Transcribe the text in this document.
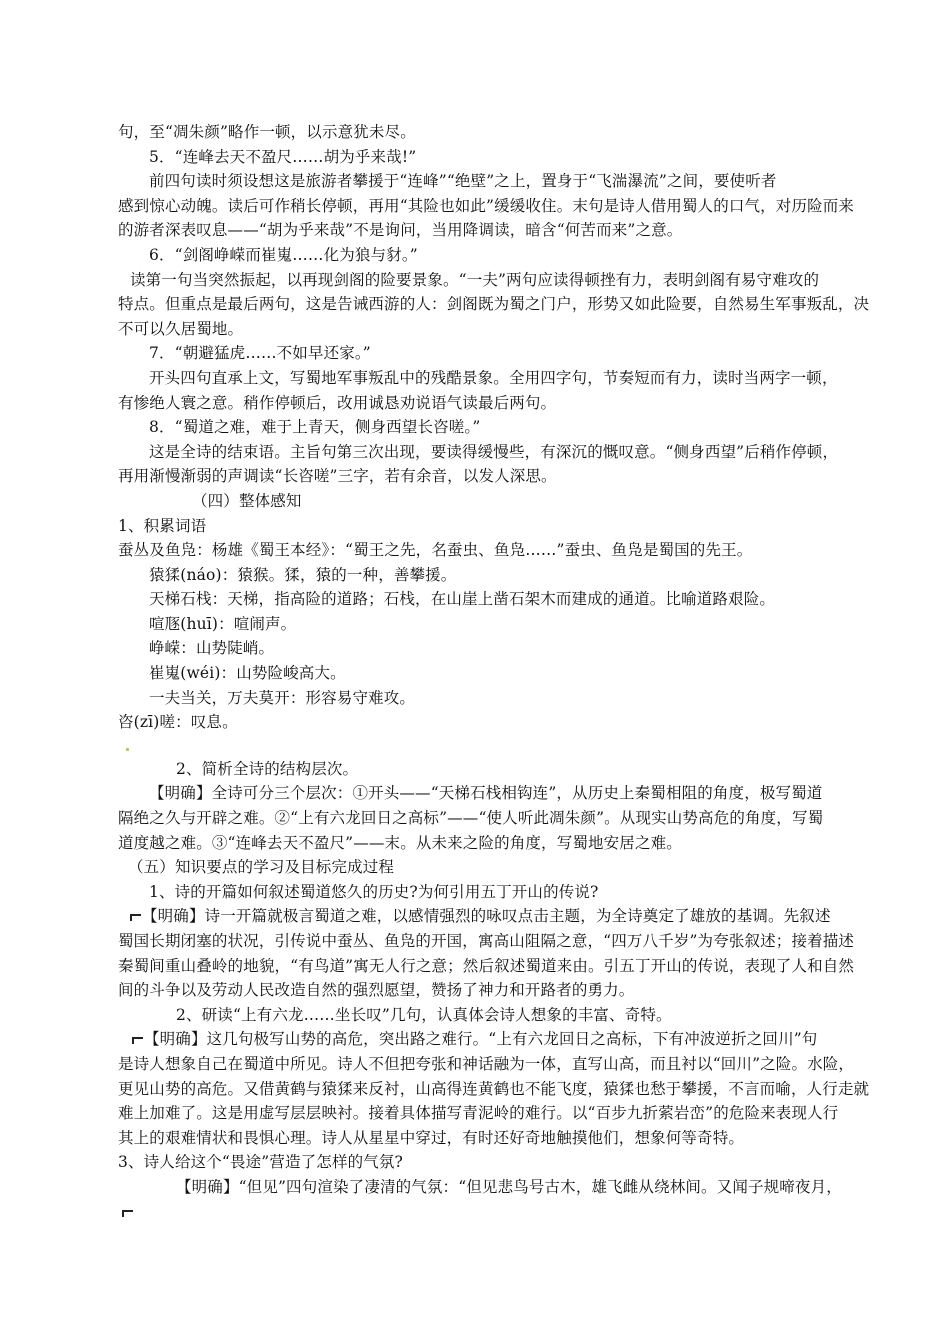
句，至“凋朱颜”略作一顿，以示意犹未尽。
5．“连峰去天不盈尺……胡为乎来哉!”
前四句读时须设想这是旅游者攀援于“连峰”“绝壁”之上，置身于“飞湍瀑流”之间，要使听者
感到惊心动魄。读后可作稍长停顿，再用“其险也如此”缓缓收住。末句是诗人借用蜀人的口气，对历险而来
的游者深表叹息——“胡为乎来哉”不是询问，当用降调读，暗含“何苦而来”之意。
6．“剑阁峥嵘而崔嵬……化为狼与豺。”
读第一句当突然振起，以再现剑阁的险要景象。“一夫”两句应读得顿挫有力，表明剑阁有易守难攻的
特点。但重点是最后两句，这是告诫西游的人：剑阁既为蜀之门户，形势又如此险要，自然易生军事叛乱，决
不可以久居蜀地。
7．“朝避猛虎……不如早还家。”
开头四句直承上文，写蜀地军事叛乱中的残酷景象。全用四字句，节奏短而有力，读时当两字一顿，
有惨绝人寰之意。稍作停顿后，改用诚恳劝说语气读最后两句。
8．“蜀道之难，难于上青天，侧身西望长咨嗟。”
这是全诗的结束语。主旨句第三次出现，要读得缓慢些，有深沉的慨叹意。“侧身西望”后稍作停顿，
再用渐慢渐弱的声调读“长咨嗟”三字，若有余音，以发人深思。
（四）整体感知
1、积累词语
蚕丛及鱼凫：杨雄《蜀王本经》：“蜀王之先，名蚕虫、鱼凫……”蚕虫、鱼凫是蜀国的先王。
猿猱(náo)：猿猴。猱，猿的一种，善攀援。
天梯石栈：天梯，指高险的道路；石栈，在山崖上凿石架木而建成的通道。比喻道路艰险。
喧豗(huī)：喧闹声。
峥嵘：山势陡峭。
崔嵬(wéi)：山势险峻高大。
一夫当关，万夫莫开：形容易守难攻。
咨(zī)嗟：叹息。
2、简析全诗的结构层次。
【明确】全诗可分三个层次：①开头——“天梯石栈相钩连”，从历史上秦蜀相阻的角度，极写蜀道
隔绝之久与开辟之难。②“上有六龙回日之高标”——“使人听此凋朱颜”。从现实山势高危的角度，写蜀
道度越之难。③“连峰去天不盈尺”——末。从未来之险的角度，写蜀地安居之难。
（五）知识要点的学习及目标完成过程
1、诗的开篇如何叙述蜀道悠久的历史?为何引用五丁开山的传说?
【明确】诗一开篇就极言蜀道之难，以感情强烈的咏叹点击主题，为全诗奠定了雄放的基调。先叙述
蜀国长期闭塞的状况，引传说中蚕丛、鱼凫的开国，寓高山阻隔之意，“四万八千岁”为夸张叙述；接着描述
秦蜀间重山叠岭的地貌，“有鸟道”寓无人行之意；然后叙述蜀道来由。引五丁开山的传说，表现了人和自然
间的斗争以及劳动人民改造自然的强烈愿望，赞扬了神力和开路者的勇力。
2、研读“上有六龙……坐长叹”几句，认真体会诗人想象的丰富、奇特。
【明确】这几句极写山势的高危，突出路之难行。“上有六龙回日之高标，下有冲波逆折之回川”句
是诗人想象自己在蜀道中所见。诗人不但把夸张和神话融为一体，直写山高，而且衬以“回川”之险。水险，
更见山势的高危。又借黄鹤与猿猱来反衬，山高得连黄鹤也不能飞度，猿猱也愁于攀援，不言而喻，人行走就
难上加难了。这是用虚写层层映衬。接着具体描写青泥岭的难行。以“百步九折萦岩峦”的危险来表现人行
其上的艰难情状和畏惧心理。诗人从星星中穿过，有时还好奇地触摸他们，想象何等奇特。
3、诗人给这个“畏途”营造了怎样的气氛?
【明确】“但见”四句渲染了凄清的气氛：“但见悲鸟号古木，雄飞雌从绕林间。又闻子规啼夜月，
